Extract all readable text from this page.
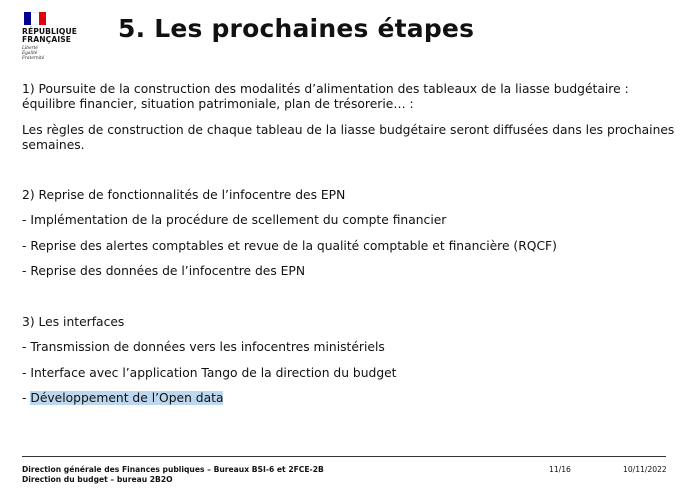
RÉPUBLIQUE
FRANÇAISE
Liberté
Égalité
Fraternité
5. Les prochaines étapes
1) Poursuite de la construction des modalités d’alimentation des tableaux de la liasse budgétaire :
équilibre financier, situation patrimoniale, plan de trésorerie… :
Les règles de construction de chaque tableau de la liasse budgétaire seront diffusées dans les prochaines
semaines.
2) Reprise de fonctionnalités de l’infocentre des EPN
- Implémentation de la procédure de scellement du compte financier
- Reprise des alertes comptables et revue de la qualité comptable et financière (RQCF)
- Reprise des données de l’infocentre des EPN
3) Les interfaces
- Transmission de données vers les infocentres ministériels
- Interface avec l’application Tango de la direction du budget
- Développement de l’Open data
Direction générale des Finances publiques – Bureaux BSI-6 et 2FCE-2B
Direction du budget – bureau 2B2O
11/16	10/11/2022
